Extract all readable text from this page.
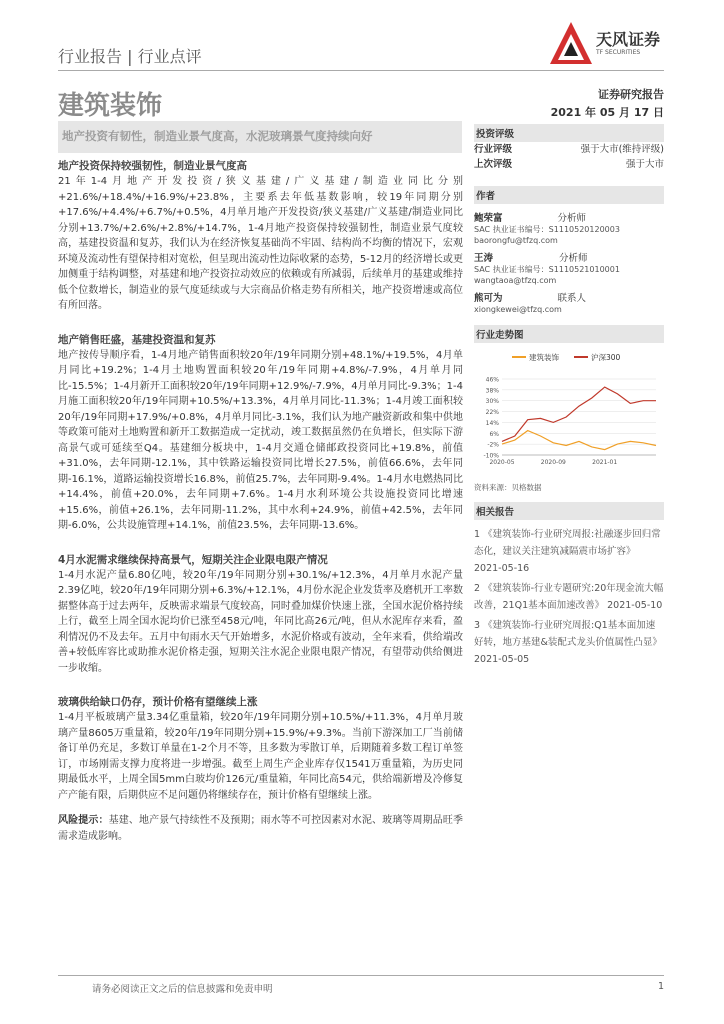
行业报告 | 行业点评
建筑装饰
天风证券
TF SECURITIES
证券研究报告
2021 年 05 月 17 日
地产投资有韧性，制造业景气度高，水泥玻璃景气度持续向好
地产投资保持较强韧性，制造业景气度高

21年1-4月地产开发投资/狭义基建/广义基建/制造业同比分别+21.6%/+18.4%/+16.9%/+23.8%，主要系去年低基数影响，较19年同期分别+17.6%/+4.4%/+6.7%/+0.5%，4月单月地产开发投资/狭义基建/广义基建/制造业同比分别+13.7%/+2.6%/+2.8%/+14.7%，1-4月地产投资保持较强韧性，制造业景气度较高，基建投资温和复苏，我们认为在经济恢复基础尚不牢固、结构尚不均衡的情况下，宏观环境及流动性有望保持相对宽松，但呈现出流动性边际收紧的态势，5-12月的经济增长或更加侧重于结构调整，对基建和地产投资拉动效应的依赖或有所减弱，后续单月的基建或维持低个位数增长，制造业的景气度延续或与大宗商品价格走势有所相关，地产投资增速或高位有所回落。

地产销售旺盛，基建投资温和复苏

地产按传导顺序看，1-4月地产销售面积较20年/19年同期分别+48.1%/+19.5%，4月单月同比+19.2%；1-4月土地购置面积较20年/19年同期+4.8%/-7.9%，4月单月同比-15.5%；1-4月新开工面积较20年/19年同期+12.9%/-7.9%，4月单月同比-9.3%；1-4月施工面积较20年/19年同期+10.5%/+13.3%，4月单月同比-11.3%；1-4月竣工面积较20年/19年同期+17.9%/+0.8%，4月单月同比-3.1%，我们认为地产融资新政和集中供地等政策可能对土地购置和新开工数据造成一定扰动，竣工数据虽然仍在负增长，但实际下游高景气或可延续至Q4。基建细分板块中，1-4月交通仓储邮政投资同比+19.8%，前值+31.0%，去年同期-12.1%，其中铁路运输投资同比增长27.5%，前值66.6%，去年同期-16.1%，道路运输投资增长16.8%，前值25.7%，去年同期-9.4%。1-4月水电燃热同比+14.4%，前值+20.0%，去年同期+7.6%。1-4月水利环境公共设施投资同比增速+15.6%，前值+26.1%，去年同期-11.2%，其中水利+24.9%，前值+42.5%，去年同期-6.0%，公共设施管理+14.1%，前值23.5%，去年同期-13.6%。

4月水泥需求继续保持高景气，短期关注企业限电限产情况

1-4月水泥产量6.80亿吨，较20年/19年同期分别+30.1%/+12.3%，4月单月水泥产量2.39亿吨，较20年/19年同期分别+6.3%/+12.1%，4月份水泥企业发货率及磨机开工率数据整体高于过去两年，反映需求端景气度较高，同时叠加煤价快速上涨，全国水泥价格持续上行，截至上周全国水泥均价已涨至458元/吨，年同比高26元/吨，但从水泥库存来看，盈利情况仍不及去年。五月中旬雨水天气开始增多，水泥价格或有波动，全年来看，供给端改善+较低库容比或助推水泥价格走强，短期关注水泥企业限电限产情况，有望带动供给侧进一步收缩。

玻璃供给缺口仍存，预计价格有望继续上涨

1-4月平板玻璃产量3.34亿重量箱，较20年/19年同期分别+10.5%/+11.3%，4月单月玻璃产量8605万重量箱，较20年/19年同期分别+15.9%/+9.3%。当前下游深加工厂当前储备订单仍充足，多数订单量在1-2个月不等，且多数为零散订单，后期随着多数工程订单签订，市场刚需支撑力度将进一步增强。截至上周生产企业库存仅1541万重量箱，为历史同期最低水平，上周全国5mm白玻均价126元/重量箱，年同比高54元，供给端新增及冷修复产产能有限，后期供应不足问题仍将继续存在，预计价格有望继续上涨。

风险提示：基建、地产景气持续性不及预期；雨水等不可控因素对水泥、玻璃等周期品旺季需求造成影响。

投资评级
行业评级	强于大市(维持评级)
上次评级	强于大市
作者
鲍荣富	分析师
SAC 执业证书编号：S1110520120003
baorongfu@tfzq.com
王涛	分析师
SAC 执业证书编号：S1110521010001
wangtaoa@tfzq.com
熊可为	联系人
xiongkewei@tfzq.com
行业走势图
建筑装饰	沪深300
-10%
-2%
6%
14%
22%
30%
38%
46%
2020-05	2020-09	2021-01
资料来源：贝格数据
相关报告
1 《建筑装饰-行业研究周报:社融逐步回归常态化，建议关注建筑减隔震市场扩容》 2021-05-16
2 《建筑装饰-行业专题研究:20年现金流大幅改善，21Q1基本面加速改善》 2021-05-10
3 《建筑装饰-行业研究周报:Q1基本面加速好转，地方基建&装配式龙头价值属性凸显》 2021-05-05
请务必阅读正文之后的信息披露和免责申明	1
